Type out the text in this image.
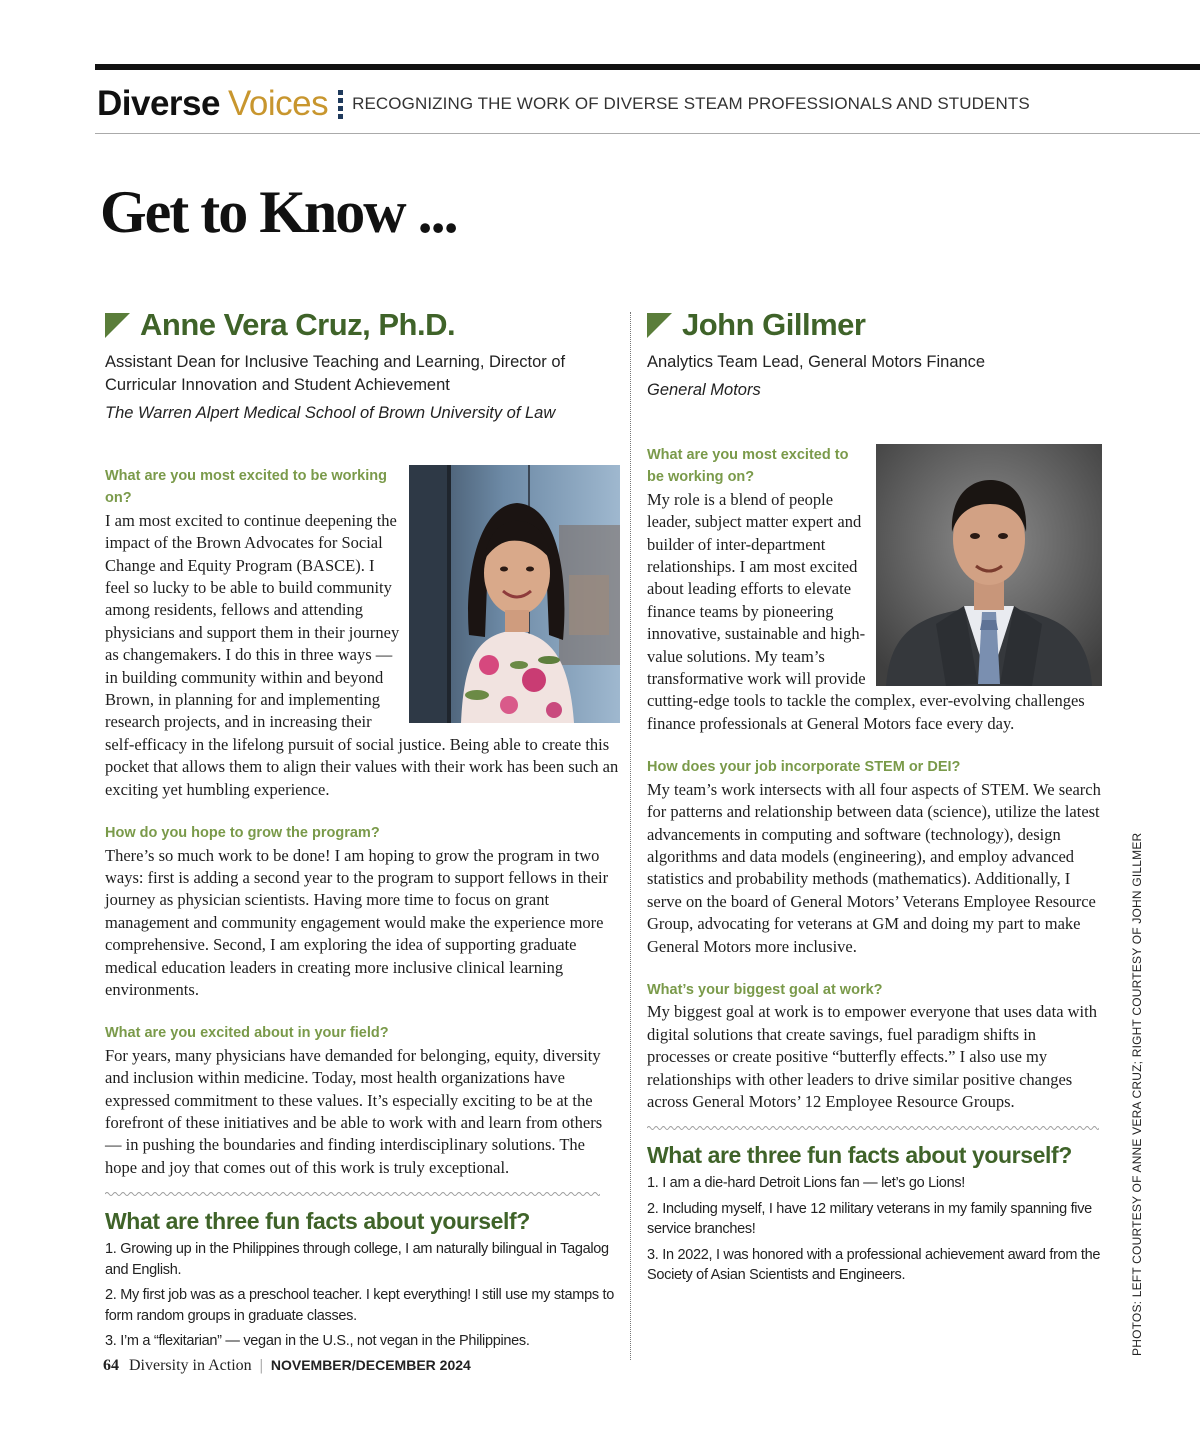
Diverse Voices RECOGNIZING THE WORK OF DIVERSE STEAM PROFESSIONALS AND STUDENTS
Get to Know ...
Anne Vera Cruz, Ph.D.
Assistant Dean for Inclusive Teaching and Learning, Director of Curricular Innovation and Student Achievement
The Warren Alpert Medical School of Brown University of Law
What are you most excited to be working on?
I am most excited to continue deepening the impact of the Brown Advocates for Social Change and Equity Program (BASCE). I feel so lucky to be able to build community among residents, fellows and attending physicians and support them in their journey as changemakers. I do this in three ways — in building community within and beyond Brown, in planning for and implementing research projects, and in increasing their self-efficacy in the lifelong pursuit of social justice. Being able to create this pocket that allows them to align their values with their work has been such an exciting yet humbling experience.
How do you hope to grow the program?
There’s so much work to be done! I am hoping to grow the program in two ways: first is adding a second year to the program to support fellows in their journey as physician scientists. Having more time to focus on grant management and community engagement would make the experience more comprehensive. Second, I am exploring the idea of supporting graduate medical education leaders in creating more inclusive clinical learning environments.
What are you excited about in your field?
For years, many physicians have demanded for belonging, equity, diversity and inclusion within medicine. Today, most health organizations have expressed commitment to these values. It’s especially exciting to be at the forefront of these initiatives and be able to work with and learn from others — in pushing the boundaries and finding interdisciplinary solutions. The hope and joy that comes out of this work is truly exceptional.
What are three fun facts about yourself?
1. Growing up in the Philippines through college, I am naturally bilingual in Tagalog and English.
2. My first job was as a preschool teacher. I kept everything! I still use my stamps to form random groups in graduate classes.
3. I’m a “flexitarian” — vegan in the U.S., not vegan in the Philippines.
John Gillmer
Analytics Team Lead, General Motors Finance
General Motors
What are you most excited to be working on?
My role is a blend of people leader, subject matter expert and builder of inter-department relationships. I am most excited about leading efforts to elevate finance teams by pioneering innovative, sustainable and high-value solutions. My team’s transformative work will provide cutting-edge tools to tackle the complex, ever-evolving challenges finance professionals at General Motors face every day.
How does your job incorporate STEM or DEI?
My team’s work intersects with all four aspects of STEM. We search for patterns and relationship between data (science), utilize the latest advancements in computing and software (technology), design algorithms and data models (engineering), and employ advanced statistics and probability methods (mathematics). Additionally, I serve on the board of General Motors’ Veterans Employee Resource Group, advocating for veterans at GM and doing my part to make General Motors more inclusive.
What’s your biggest goal at work?
My biggest goal at work is to empower everyone that uses data with digital solutions that create savings, fuel paradigm shifts in processes or create positive “butterfly effects.” I also use my relationships with other leaders to drive similar positive changes across General Motors’ 12 Employee Resource Groups.
What are three fun facts about yourself?
1. I am a die-hard Detroit Lions fan — let’s go Lions!
2. Including myself, I have 12 military veterans in my family spanning five service branches!
3. In 2022, I was honored with a professional achievement award from the Society of Asian Scientists and Engineers.	PHOTOS: LEFT COURTESY OF ANNE VERA CRUZ; RIGHT COURTESY OF JOHN GILLMER
64 Diversity in Action | NOVEMBER/DECEMBER 2024
